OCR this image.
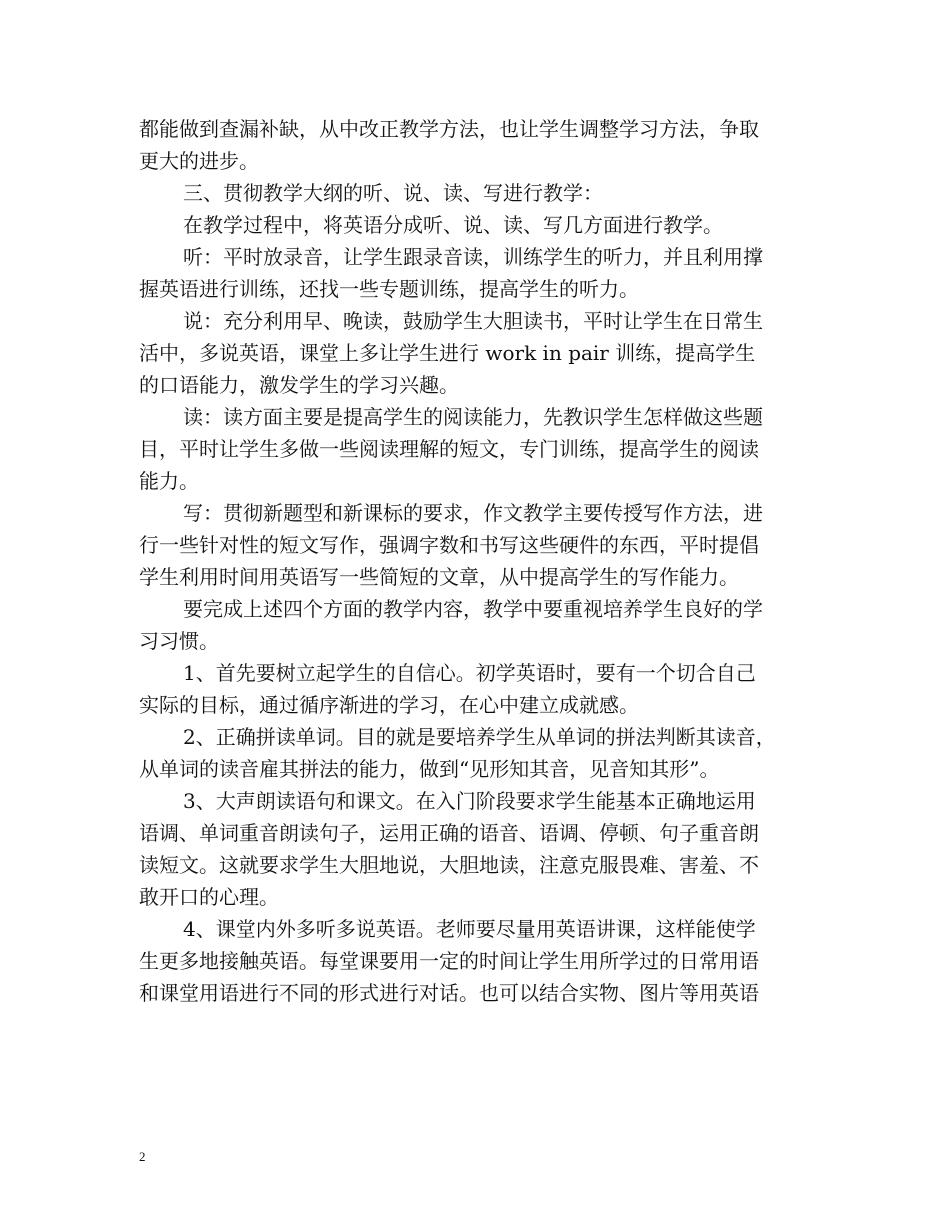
都能做到查漏补缺，从中改正教学方法，也让学生调整学习方法，争取
更大的进步。
三、贯彻教学大纲的听、说、读、写进行教学：
在教学过程中，将英语分成听、说、读、写几方面进行教学。
听：平时放录音，让学生跟录音读，训练学生的听力，并且利用撑
握英语进行训练，还找一些专题训练，提高学生的听力。
说：充分利用早、晚读，鼓励学生大胆读书，平时让学生在日常生
活中，多说英语，课堂上多让学生进行 work in pair 训练，提高学生
的口语能力，激发学生的学习兴趣。
读：读方面主要是提高学生的阅读能力，先教识学生怎样做这些题
目，平时让学生多做一些阅读理解的短文，专门训练，提高学生的阅读
能力。
写：贯彻新题型和新课标的要求，作文教学主要传授写作方法，进
行一些针对性的短文写作，强调字数和书写这些硬件的东西，平时提倡
学生利用时间用英语写一些简短的文章，从中提高学生的写作能力。
要完成上述四个方面的教学内容，教学中要重视培养学生良好的学
习习惯。
1、首先要树立起学生的自信心。初学英语时，要有一个切合自己
实际的目标，通过循序渐进的学习，在心中建立成就感。
2、正确拼读单词。目的就是要培养学生从单词的拼法判断其读音，
从单词的读音雇其拼法的能力，做到“见形知其音，见音知其形”。
3、大声朗读语句和课文。在入门阶段要求学生能基本正确地运用
语调、单词重音朗读句子，运用正确的语音、语调、停顿、句子重音朗
读短文。这就要求学生大胆地说，大胆地读，注意克服畏难、害羞、不
敢开口的心理。
4、课堂内外多听多说英语。老师要尽量用英语讲课，这样能使学
生更多地接触英语。每堂课要用一定的时间让学生用所学过的日常用语
和课堂用语进行不同的形式进行对话。也可以结合实物、图片等用英语
2
